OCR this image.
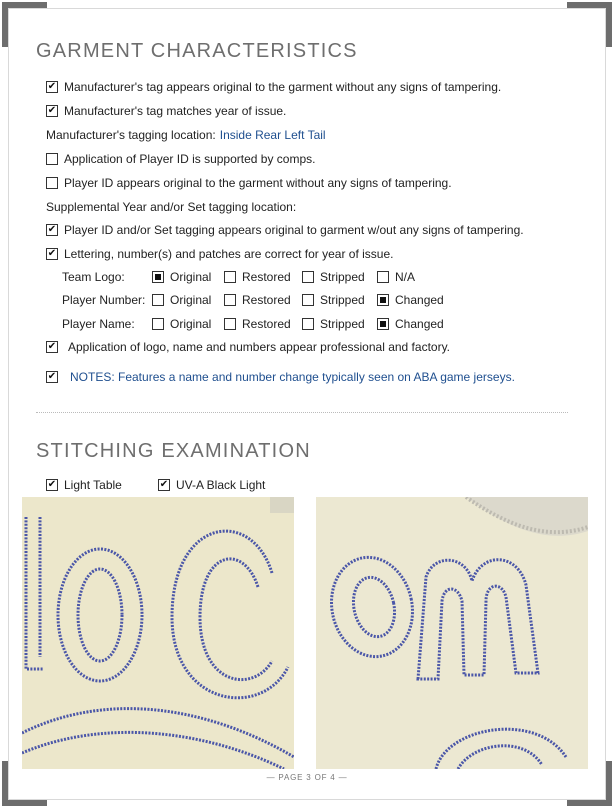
GARMENT CHARACTERISTICS
✔
Manufacturer's tag appears original to the garment without any signs of tampering.
✔
Manufacturer's tag matches year of issue.
Manufacturer's tagging location: Inside Rear Left Tail
Application of Player ID is supported by comps.
Player ID appears original to the garment without any signs of tampering.
Supplemental Year and/or Set tagging location:
✔
Player ID and/or Set tagging appears original to garment w/out any signs of tampering.
✔
Lettering, number(s) and patches are correct for year of issue.
Team Logo:	Original	Restored Stripped	N/A
Player Number: Original	Restored Stripped	Changed
Player Name:	Original	Restored Stripped	Changed
✔
Application of logo, name and numbers appear professional and factory.
✔
NOTES: Features a name and number change typically seen on ABA game jerseys.
STITCHING EXAMINATION
✔
Light Table
✔	UV-A Black Light
— PAGE 3 OF 4 —
